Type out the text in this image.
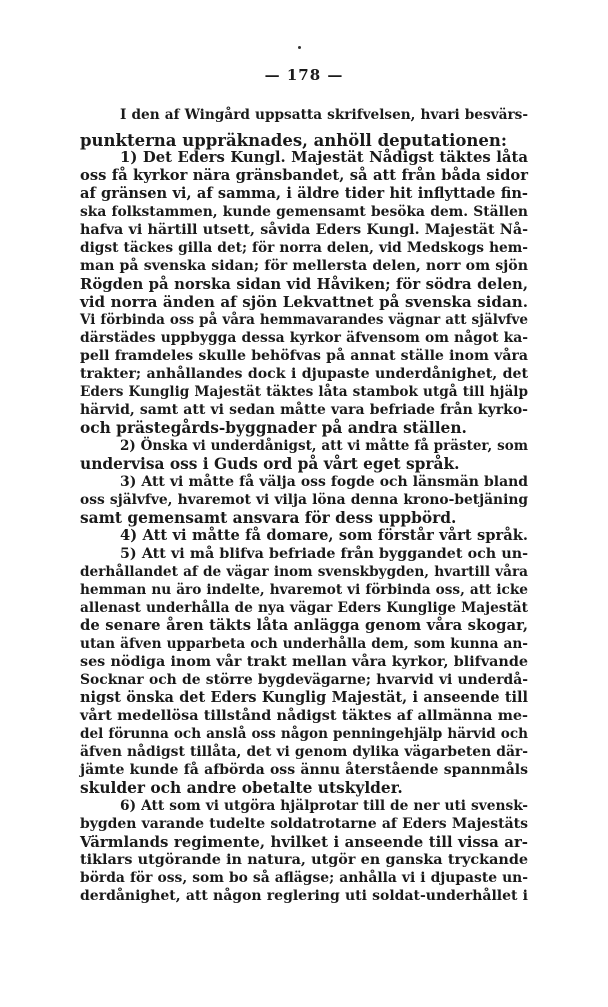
— 178 —
I den af Wingård uppsatta skrifvelsen, hvari besvärs-
punkterna uppräknades, anhöll deputationen:
1) Det Eders Kungl. Majestät Nådigst täktes låta
oss få kyrkor nära gränsbandet, så att från båda sidor
af gränsen vi, af samma, i äldre tider hit inflyttade fin-
ska folkstammen, kunde gemensamt besöka dem. Ställen
hafva vi härtill utsett, såvida Eders Kungl. Majestät Nå-
digst täckes gilla det; för norra delen, vid Medskogs hem-
man på svenska sidan; för mellersta delen, norr om sjön
Rögden på norska sidan vid Håviken; för södra delen,
vid norra änden af sjön Lekvattnet på svenska sidan.
Vi förbinda oss på våra hemmavarandes vägnar att självfve
därstädes uppbygga dessa kyrkor äfvensom om något ka-
pell framdeles skulle behöfvas på annat ställe inom våra
trakter; anhållandes dock i djupaste underdånighet, det
Eders Kunglig Majestät täktes låta stambok utgå till hjälp
härvid, samt att vi sedan måtte vara befriade från kyrko-
och prästegårds-byggnader på andra ställen.
2) Önska vi underdånigst, att vi måtte få präster, som
undervisa oss i Guds ord på vårt eget språk.
3) Att vi måtte få välja oss fogde och länsmän bland
oss självfve, hvaremot vi vilja löna denna krono-betjäning
samt gemensamt ansvara för dess uppbörd.
4) Att vi måtte få domare, som förstår vårt språk.
5) Att vi må blifva befriade från byggandet och un-
derhållandet af de vägar inom svenskbygden, hvartill våra
hemman nu äro indelte, hvaremot vi förbinda oss, att icke
allenast underhålla de nya vägar Eders Kunglige Majestät
de senare åren täkts låta anlägga genom våra skogar,
utan äfven upparbeta och underhålla dem, som kunna an-
ses nödiga inom vår trakt mellan våra kyrkor, blifvande
Socknar och de större bygdevägarne; hvarvid vi underdå-
nigst önska det Eders Kunglig Majestät, i anseende till
vårt medellösa tillstånd nådigst täktes af allmänna me-
del förunna och anslå oss någon penningehjälp härvid och
äfven nådigst tillåta, det vi genom dylika vägarbeten där-
jämte kunde få afbörda oss ännu återstående spannmåls
skulder och andre obetalte utskylder.
6) Att som vi utgöra hjälprotar till de ner uti svensk-
bygden varande tudelte soldatrotarne af Eders Majestäts
Värmlands regimente, hvilket i anseende till vissa ar-
tiklars utgörande in natura, utgör en ganska tryckande
börda för oss, som bo så aflägse; anhålla vi i djupaste un-
derdånighet, att någon reglering uti soldat-underhållet i
